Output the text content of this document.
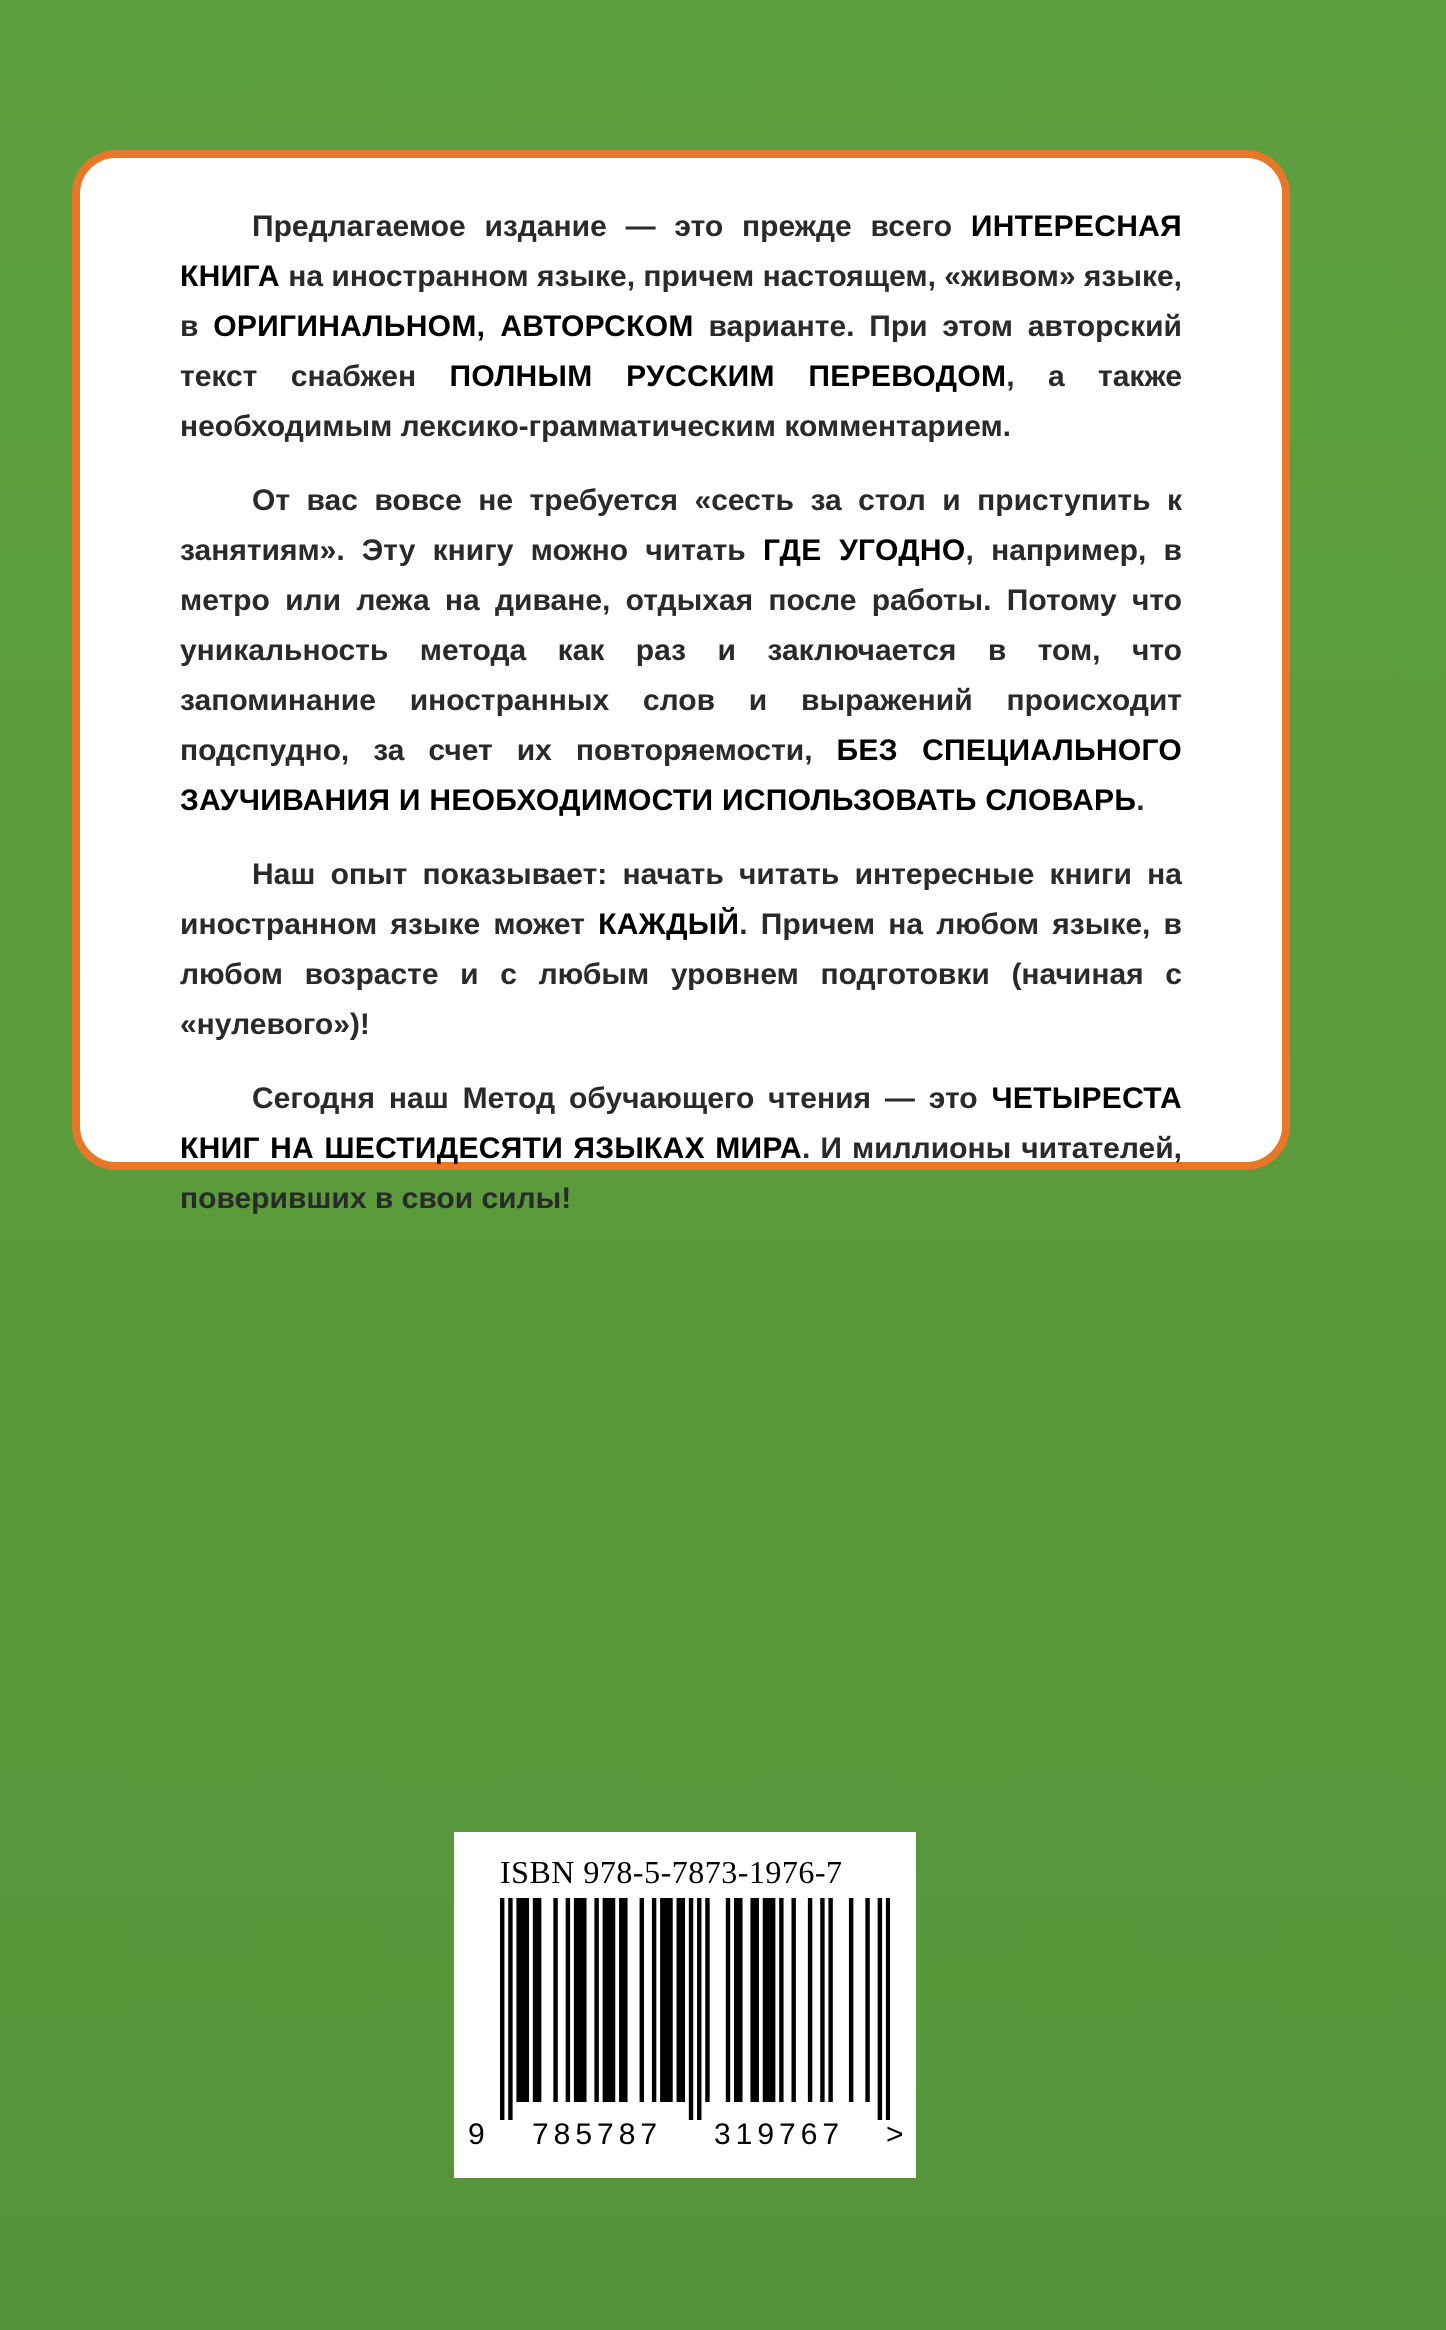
Предлагаемое издание — это прежде всего ИНТЕРЕСНАЯ КНИГА на иностранном языке, причем настоящем, «живом» языке, в ОРИГИНАЛЬНОМ, АВТОРСКОМ варианте. При этом авторский текст снабжен ПОЛНЫМ РУССКИМ ПЕРЕВОДОМ, а также необходимым лексико-грамматическим комментарием.

От вас вовсе не требуется «сесть за стол и приступить к занятиям». Эту книгу можно читать ГДЕ УГОДНО, например, в метро или лежа на диване, отдыхая после работы. Потому что уникальность метода как раз и заключается в том, что запоминание иностранных слов и выражений происходит подспудно, за счет их повторяемости, БЕЗ СПЕЦИАЛЬНОГО ЗАУЧИВАНИЯ И НЕОБХОДИМОСТИ ИСПОЛЬЗОВАТЬ СЛОВАРЬ.

Наш опыт показывает: начать читать интересные книги на иностранном языке может КАЖДЫЙ. Причем на любом языке, в любом возрасте и с любым уровнем подготовки (начиная с «нулевого»)!

Сегодня наш Метод обучающего чтения — это ЧЕТЫРЕСТА КНИГ НА ШЕСТИДЕСЯТИ ЯЗЫКАХ МИРА. И миллионы читателей, поверивших в свои силы!

ISBN 978-5-7873-1976-7
9 785787 319767 >
